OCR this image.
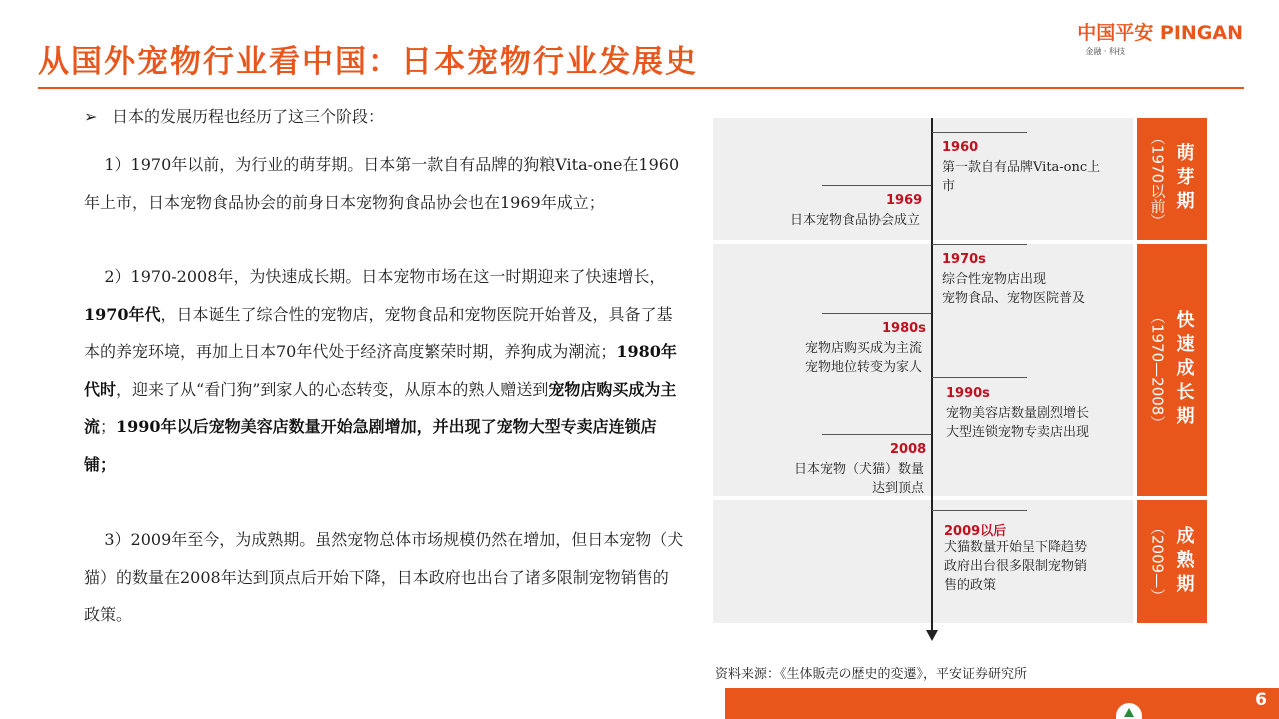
从国外宠物行业看中国：日本宠物行业发展史
中国平安 PINGAN
金融 · 科技
➢ 日本的发展历程也经历了这三个阶段：
1）1970年以前，为行业的萌芽期。日本第一款自有品牌的狗粮Vita-one在1960年上市，日本宠物食品协会的前身日本宠物狗食品协会也在1969年成立；
2）1970-2008年，为快速成长期。日本宠物市场在这一时期迎来了快速增长，1970年代，日本诞生了综合性的宠物店，宠物食品和宠物医院开始普及，具备了基本的养宠环境，再加上日本70年代处于经济高度繁荣时期，养狗成为潮流；1980年代时，迎来了从“看门狗”到家人的心态转变，从原本的熟人赠送到宠物店购买成为主流；1990年以后宠物美容店数量开始急剧增加，并出现了宠物大型专卖店连锁店铺；
3）2009年至今，为成熟期。虽然宠物总体市场规模仍然在增加，但日本宠物（犬猫）的数量在2008年达到顶点后开始下降，日本政府也出台了诸多限制宠物销售的政策。
1960
第一款自有品牌Vita-onc上
市
1969
日本宠物食品协会成立
1970s
综合性宠物店出现
宠物食品、宠物医院普及
1980s
宠物店购买成为主流
宠物地位转变为家人
1990s
宠物美容店数量剧烈增长
大型连锁宠物专卖店出现
2008
日本宠物（犬猫）数量
达到顶点
2009以后
犬猫数量开始呈下降趋势
政府出台很多限制宠物销
售的政策
萌芽期
（1970以前）
快速成长期
（1970—2008）
成熟期
（2009—）
资料来源：《生体販売の歴史的変遷》，平安证券研究所
6
